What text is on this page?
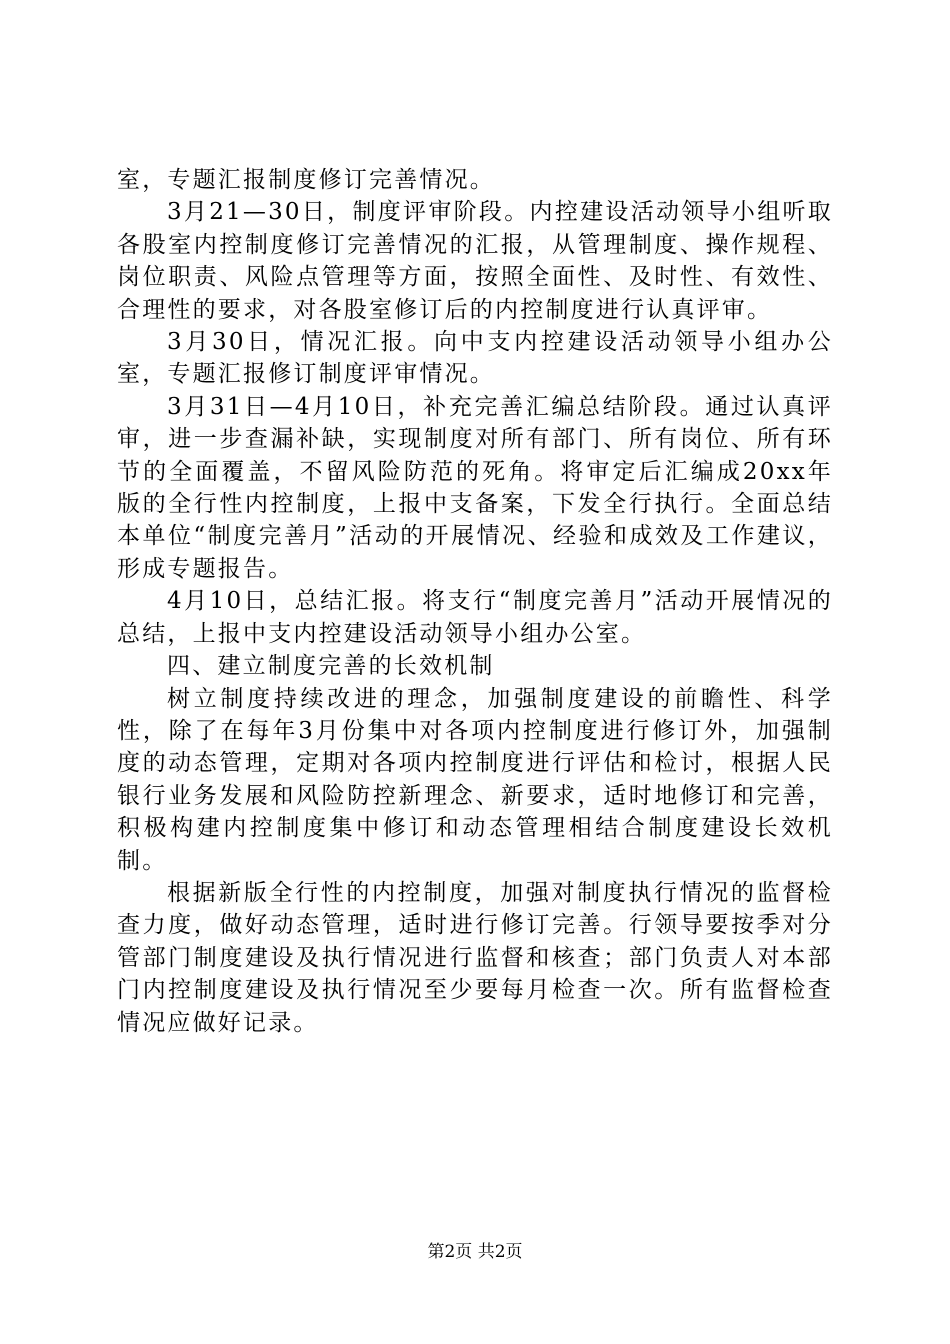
室，专题汇报制度修订完善情况。

3月21—30日，制度评审阶段。内控建设活动领导小组听取各股室内控制度修订完善情况的汇报，从管理制度、操作规程、岗位职责、风险点管理等方面，按照全面性、及时性、有效性、合理性的要求，对各股室修订后的内控制度进行认真评审。

3月30日，情况汇报。向中支内控建设活动领导小组办公室，专题汇报修订制度评审情况。

3月31日—4月10日，补充完善汇编总结阶段。通过认真评审，进一步查漏补缺，实现制度对所有部门、所有岗位、所有环节的全面覆盖，不留风险防范的死角。将审定后汇编成20xx年版的全行性内控制度，上报中支备案，下发全行执行。全面总结本单位“制度完善月”活动的开展情况、经验和成效及工作建议，形成专题报告。

4月10日，总结汇报。将支行“制度完善月”活动开展情况的总结，上报中支内控建设活动领导小组办公室。

四、建立制度完善的长效机制

树立制度持续改进的理念，加强制度建设的前瞻性、科学性，除了在每年3月份集中对各项内控制度进行修订外，加强制度的动态管理，定期对各项内控制度进行评估和检讨，根据人民银行业务发展和风险防控新理念、新要求，适时地修订和完善，积极构建内控制度集中修订和动态管理相结合制度建设长效机制。

根据新版全行性的内控制度，加强对制度执行情况的监督检查力度，做好动态管理，适时进行修订完善。行领导要按季对分管部门制度建设及执行情况进行监督和核查；部门负责人对本部门内控制度建设及执行情况至少要每月检查一次。所有监督检查情况应做好记录。

第2页 共2页
